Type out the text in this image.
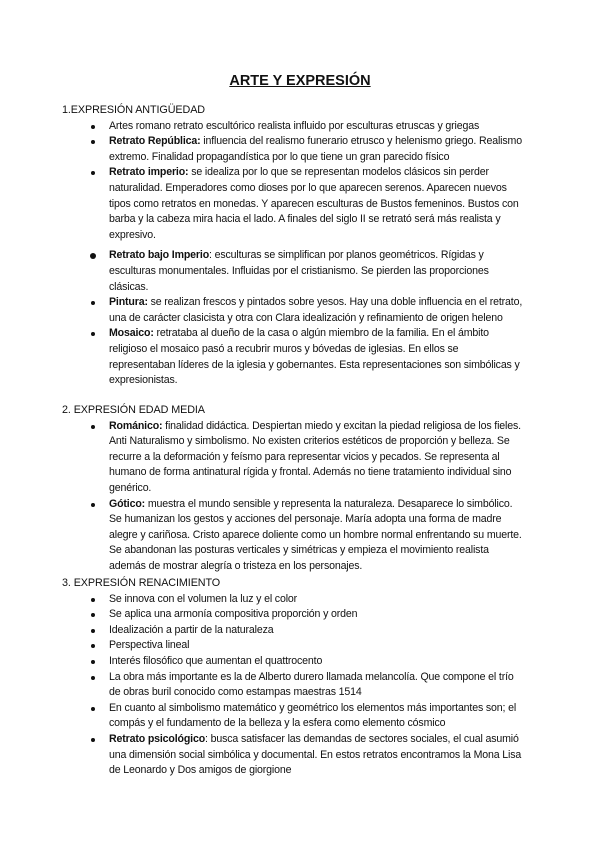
ARTE Y EXPRESIÓN
1.EXPRESIÓN ANTIGÜEDAD
Artes romano retrato escultórico realista influido por esculturas etruscas y griegas
Retrato República: influencia del realismo funerario etrusco y helenismo griego. Realismo extremo. Finalidad propagandística por lo que tiene un gran parecido físico
Retrato imperio: se idealiza por lo que se representan modelos clásicos sin perder naturalidad. Emperadores como dioses por lo que aparecen serenos. Aparecen nuevos tipos como retratos en monedas. Y aparecen esculturas de Bustos femeninos. Bustos con barba y la cabeza mira hacia el lado. A finales del siglo II se retrató será más realista y expresivo.
Retrato bajo Imperio: esculturas se simplifican por planos geométricos. Rígidas y esculturas monumentales. Influidas por el cristianismo. Se pierden las proporciones clásicas.
Pintura: se realizan frescos y pintados sobre yesos. Hay una doble influencia en el retrato, una de carácter clasicista y otra con Clara idealización y refinamiento de origen heleno
Mosaico: retrataba al dueño de la casa o algún miembro de la familia. En el ámbito religioso el mosaico pasó a recubrir muros y bóvedas de iglesias. En ellos se representaban líderes de la iglesia y gobernantes. Esta representaciones son simbólicas y expresionistas.
2. EXPRESIÓN EDAD MEDIA
Románico: finalidad didáctica. Despiertan miedo y excitan la piedad religiosa de los fieles. Anti Naturalismo y simbolismo. No existen criterios estéticos de proporción y belleza. Se recurre a la deformación y feísmo para representar vicios y pecados. Se representa al humano de forma antinatural rígida y frontal. Además no tiene tratamiento individual sino genérico.
Gótico: muestra el mundo sensible y representa la naturaleza. Desaparece lo simbólico. Se humanizan los gestos y acciones del personaje. María adopta una forma de madre alegre y cariñosa. Cristo aparece doliente como un hombre normal enfrentando su muerte. Se abandonan las posturas verticales y simétricas y empieza el movimiento realista además de mostrar alegría o tristeza en los personajes.
3. EXPRESIÓN RENACIMIENTO
Se innova con el volumen la luz y el color
Se aplica una armonía compositiva proporción y orden
Idealización a partir de la naturaleza
Perspectiva lineal
Interés filosófico que aumentan el quattrocento
La obra más importante es la de Alberto durero llamada melancolía. Que compone el trío de obras buril conocido como estampas maestras 1514
En cuanto al simbolismo matemático y geométrico los elementos más importantes son; el compás y el fundamento de la belleza y la esfera como elemento cósmico
Retrato psicológico: busca satisfacer las demandas de sectores sociales, el cual asumió una dimensión social simbólica y documental. En estos retratos encontramos la Mona Lisa de Leonardo y Dos amigos de giorgione
